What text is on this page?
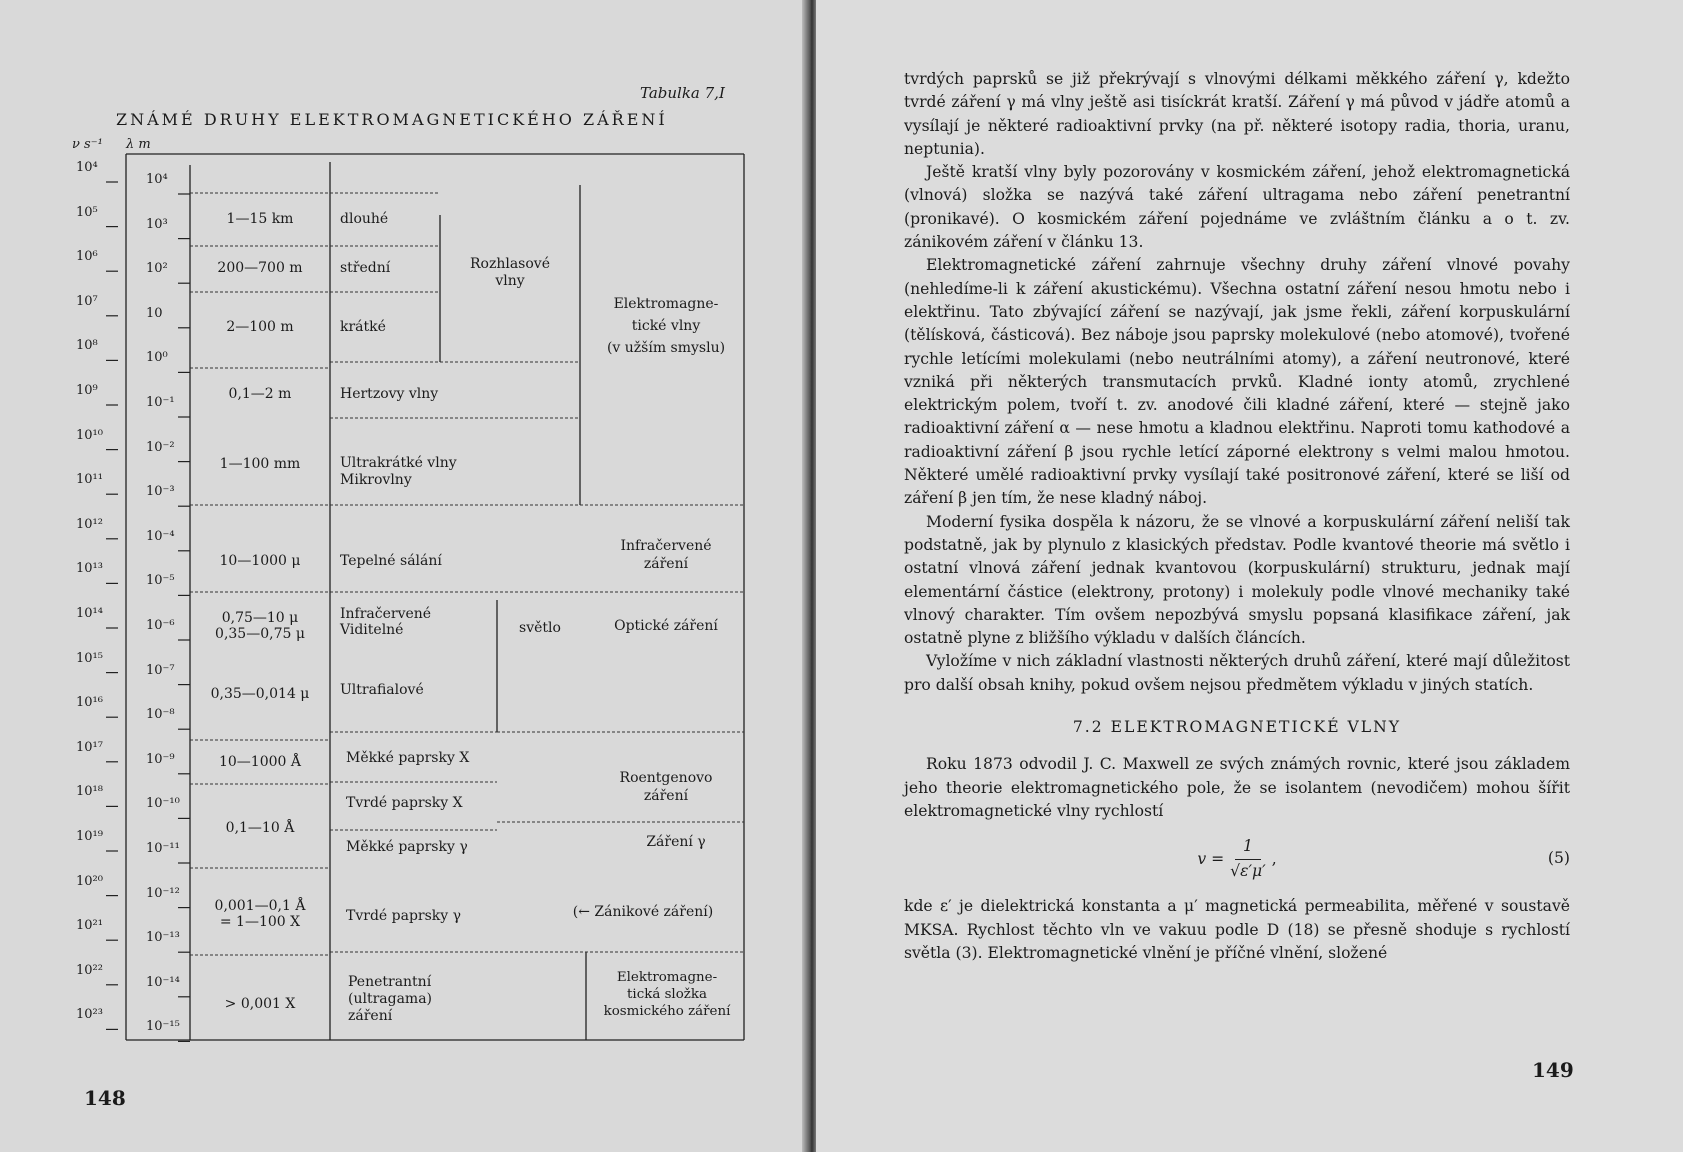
Tabulka 7,I
ZNÁMÉ DRUHY ELEKTROMAGNETICKÉHO ZÁŘENÍ
ν s⁻¹ λ m
1—15 km
200—700 m
2—100 m
0,1—2 m
1—100 mm
10—1000 μ
0,75—10 μ
0,35—0,75 μ
0,35—0,014 μ
10—1000 Å
0,1—10 Å
0,001—0,1 Å
= 1—100 X
> 0,001 X
dlouhé
střední
krátké
Hertzovy vlny
Ultrakrátké vlny
Mikrovlny
Tepelné sálání
Infračervené
Viditelné
Ultrafialové
Měkké paprsky X
Tvrdé paprsky X
Měkké paprsky γ
Tvrdé paprsky γ
Penetrantní
(ultragama)
záření
Rozhlasové
vlny
světlo
Elektromagne-
tické vlny
(v užším smyslu)
Infračervené
záření
Optické záření
Roentgenovo
záření
Záření γ
(← Zánikové záření)
Elektromagne-
tická složka
kosmického záření
148
10⁴
10⁵
10⁶
10⁷
10⁸
10⁹
10¹⁰
10¹¹
10¹²
10¹³
10¹⁴
10¹⁵
10¹⁶
10¹⁷
10¹⁸
10¹⁹
10²⁰
10²¹
10²²
10²³
10⁴
10³
10²
10
10⁰
10⁻¹
10⁻²
10⁻³
10⁻⁴
10⁻⁵
10⁻⁶
10⁻⁷
10⁻⁸
10⁻⁹
10⁻¹⁰
10⁻¹¹
10⁻¹²
10⁻¹³
10⁻¹⁴
10⁻¹⁵

tvrdých paprsků se již překrývají s vlnovými délkami měkkého záření γ, kdežto tvrdé záření γ má vlny ještě asi tisíckrát kratší. Záření γ má původ v jádře atomů a vysílají je některé radioaktivní prvky (na př. některé isotopy radia, thoria, uranu, neptunia).

Ještě kratší vlny byly pozorovány v kosmickém záření, jehož elektromagnetická (vlnová) složka se nazývá také záření ultragama nebo záření penetrantní (pronikavé). O kosmickém záření pojednáme ve zvláštním článku a o t. zv. zánikovém záření v článku 13.

Elektromagnetické záření zahrnuje všechny druhy záření vlnové povahy (nehledíme-li k záření akustickému). Všechna ostatní záření nesou hmotu nebo i elektřinu. Tato zbývající záření se nazývají, jak jsme řekli, záření korpuskulární (tělísková, částicová). Bez náboje jsou paprsky molekulové (nebo atomové), tvořené rychle letícími molekulami (nebo neutrálními atomy), a záření neutronové, které vzniká při některých transmutacích prvků. Kladné ionty atomů, zrychlené elektrickým polem, tvoří t. zv. anodové čili kladné záření, které — stejně jako radioaktivní záření α — nese hmotu a kladnou elektřinu. Naproti tomu kathodové a radioaktivní záření β jsou rychle letící záporné elektrony s velmi malou hmotou. Některé umělé radioaktivní prvky vysílají také positronové záření, které se liší od záření β jen tím, že nese kladný náboj.

Moderní fysika dospěla k názoru, že se vlnové a korpuskulární záření neliší tak podstatně, jak by plynulo z klasických představ. Podle kvantové theorie má světlo i ostatní vlnová záření jednak kvantovou (korpuskulární) strukturu, jednak mají elementární částice (elektrony, protony) i molekuly podle vlnové mechaniky také vlnový charakter. Tím ovšem nepozbývá smyslu popsaná klasifikace záření, jak ostatně plyne z bližšího výkladu v dalších článcích.

Vyložíme v nich základní vlastnosti některých druhů záření, které mají důležitost pro další obsah knihy, pokud ovšem nejsou předmětem výkladu v jiných statích.

7.2 ELEKTROMAGNETICKÉ VLNY

Roku 1873 odvodil J. C. Maxwell ze svých známých rovnic, které jsou základem jeho theorie elektromagnetického pole, že se isolantem (nevodičem) mohou šířit elektromagnetické vlny rychlostí

$v = \frac{1}{√\varepsilon'\mu'}$ ,	(5)

kde ε′ je dielektrická konstanta a μ′ magnetická permeabilita, měřené v soustavě MKSA. Rychlost těchto vln ve vakuu podle D (18) se přesně shoduje s rychlostí světla (3). Elektromagnetické vlnění je příčné vlnění, složené

149
